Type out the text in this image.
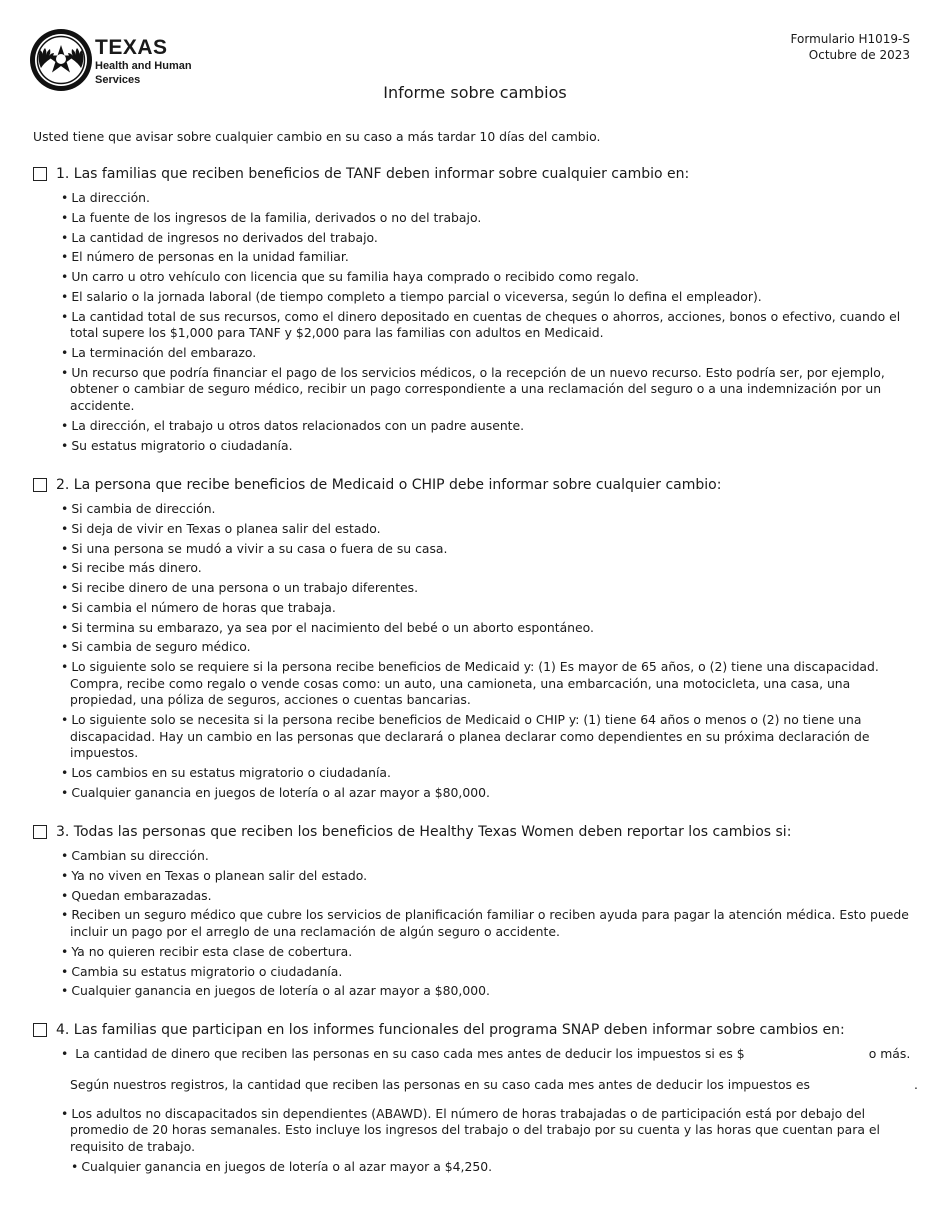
TEXAS
Health and Human
Services
Formulario H1019-S
Octubre de 2023
Informe sobre cambios
Usted tiene que avisar sobre cualquier cambio en su caso a más tardar 10 días del cambio.
1. Las familias que reciben beneficios de TANF deben informar sobre cualquier cambio en:
• La dirección.
• La fuente de los ingresos de la familia, derivados o no del trabajo.
• La cantidad de ingresos no derivados del trabajo.
• El número de personas en la unidad familiar.
• Un carro u otro vehículo con licencia que su familia haya comprado o recibido como regalo.
• El salario o la jornada laboral (de tiempo completo a tiempo parcial o viceversa, según lo defina el empleador).
• La cantidad total de sus recursos, como el dinero depositado en cuentas de cheques o ahorros, acciones, bonos o efectivo, cuando el total supere los $1,000 para TANF y $2,000 para las familias con adultos en Medicaid.
• La terminación del embarazo.
• Un recurso que podría financiar el pago de los servicios médicos, o la recepción de un nuevo recurso. Esto podría ser, por ejemplo, obtener o cambiar de seguro médico, recibir un pago correspondiente a una reclamación del seguro o a una indemnización por un accidente.
• La dirección, el trabajo u otros datos relacionados con un padre ausente.
• Su estatus migratorio o ciudadanía.
2. La persona que recibe beneficios de Medicaid o CHIP debe informar sobre cualquier cambio:
• Si cambia de dirección.
• Si deja de vivir en Texas o planea salir del estado.
• Si una persona se mudó a vivir a su casa o fuera de su casa.
• Si recibe más dinero.
• Si recibe dinero de una persona o un trabajo diferentes.
• Si cambia el número de horas que trabaja.
• Si termina su embarazo, ya sea por el nacimiento del bebé o un aborto espontáneo.
• Si cambia de seguro médico.
• Lo siguiente solo se requiere si la persona recibe beneficios de Medicaid y: (1) Es mayor de 65 años, o (2) tiene una discapacidad. Compra, recibe como regalo o vende cosas como: un auto, una camioneta, una embarcación, una motocicleta, una casa, una propiedad, una póliza de seguros, acciones o cuentas bancarias.
• Lo siguiente solo se necesita si la persona recibe beneficios de Medicaid o CHIP y: (1) tiene 64 años o menos o (2) no tiene una discapacidad. Hay un cambio en las personas que declarará o planea declarar como dependientes en su próxima declaración de impuestos.
• Los cambios en su estatus migratorio o ciudadanía.
• Cualquier ganancia en juegos de lotería o al azar mayor a $80,000.
3. Todas las personas que reciben los beneficios de Healthy Texas Women deben reportar los cambios si:
• Cambian su dirección.
• Ya no viven en Texas o planean salir del estado.
• Quedan embarazadas.
• Reciben un seguro médico que cubre los servicios de planificación familiar o reciben ayuda para pagar la atención médica. Esto puede incluir un pago por el arreglo de una reclamación de algún seguro o accidente.
• Ya no quieren recibir esta clase de cobertura.
• Cambia su estatus migratorio o ciudadanía.
• Cualquier ganancia en juegos de lotería o al azar mayor a $80,000.
4. Las familias que participan en los informes funcionales del programa SNAP deben informar sobre cambios en:
• La cantidad de dinero que reciben las personas en su caso cada mes antes de deducir los impuestos si es $	o más.
Según nuestros registros, la cantidad que reciben las personas en su caso cada mes antes de deducir los impuestos es	.
• Los adultos no discapacitados sin dependientes (ABAWD). El número de horas trabajadas o de participación está por debajo del promedio de 20 horas semanales. Esto incluye los ingresos del trabajo o del trabajo por su cuenta y las horas que cuentan para el requisito de trabajo.
• Cualquier ganancia en juegos de lotería o al azar mayor a $4,250.
